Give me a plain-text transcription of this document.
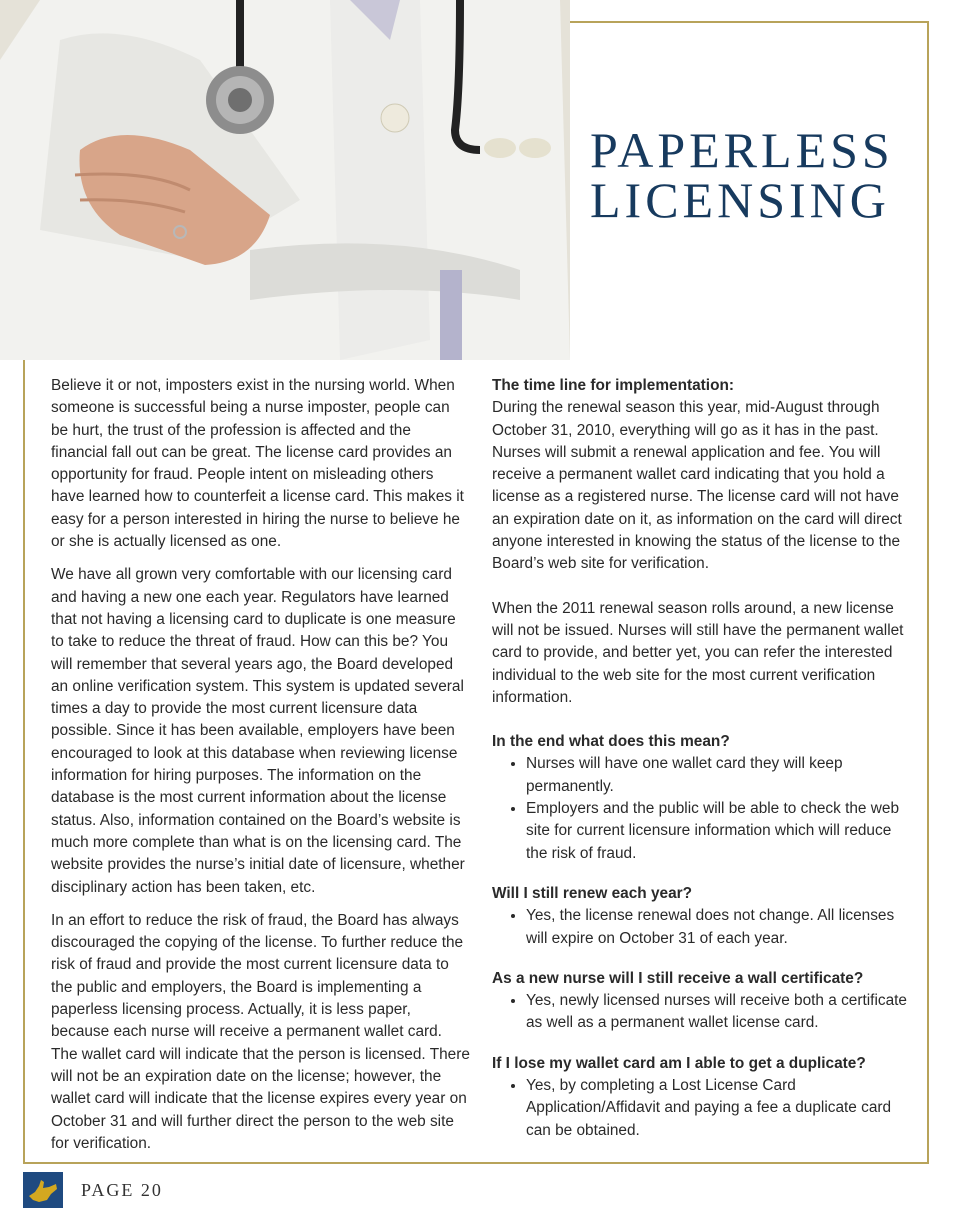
PAPERLESS
LICENSING

Believe it or not, imposters exist in the nursing world. When someone is successful being a nurse imposter, people can be hurt, the trust of the profession is affected and the financial fall out can be great. The license card provides an opportunity for fraud. People intent on misleading others have learned how to counterfeit a license card. This makes it easy for a person interested in hiring the nurse to believe he or she is actually licensed as one.

We have all grown very comfortable with our licensing card and having a new one each year. Regulators have learned that not having a licensing card to duplicate is one measure to take to reduce the threat of fraud. How can this be? You will remember that several years ago, the Board developed an online verification system. This system is updated several times a day to provide the most current licensure data possible. Since it has been available, employers have been encouraged to look at this database when reviewing license information for hiring purposes. The information on the database is the most current information about the license status. Also, information contained on the Board’s website is much more complete than what is on the licensing card. The website provides the nurse’s initial date of licensure, whether disciplinary action has been taken, etc.

In an effort to reduce the risk of fraud, the Board has always discouraged the copying of the license. To further reduce the risk of fraud and provide the most current licensure data to the public and employers, the Board is implementing a paperless licensing process. Actually, it is less paper, because each nurse will receive a permanent wallet card. The wallet card will indicate that the person is licensed. There will not be an expiration date on the license; however, the wallet card will indicate that the license expires every year on October 31 and will further direct the person to the web site for verification.

The time line for implementation:

During the renewal season this year, mid-August through October 31, 2010, everything will go as it has in the past. Nurses will submit a renewal application and fee. You will receive a permanent wallet card indicating that you hold a license as a registered nurse. The license card will not have an expiration date on it, as information on the card will direct anyone interested in knowing the status of the license to the Board’s web site for verification.

When the 2011 renewal season rolls around, a new license will not be issued. Nurses will still have the permanent wallet card to provide, and better yet, you can refer the interested individual to the web site for the most current verification information.

In the end what does this mean?
• Nurses will have one wallet card they will keep permanently.
• Employers and the public will be able to check the web site for current licensure information which will reduce the risk of fraud.
Will I still renew each year?
• Yes, the license renewal does not change. All licenses will expire on October 31 of each year.
As a new nurse will I still receive a wall certificate?
• Yes, newly licensed nurses will receive both a certificate as well as a permanent wallet license card.
If I lose my wallet card am I able to get a duplicate?
• Yes, by completing a Lost License Card Application/Affidavit and paying a fee a duplicate card can be obtained.
PAGE 20
